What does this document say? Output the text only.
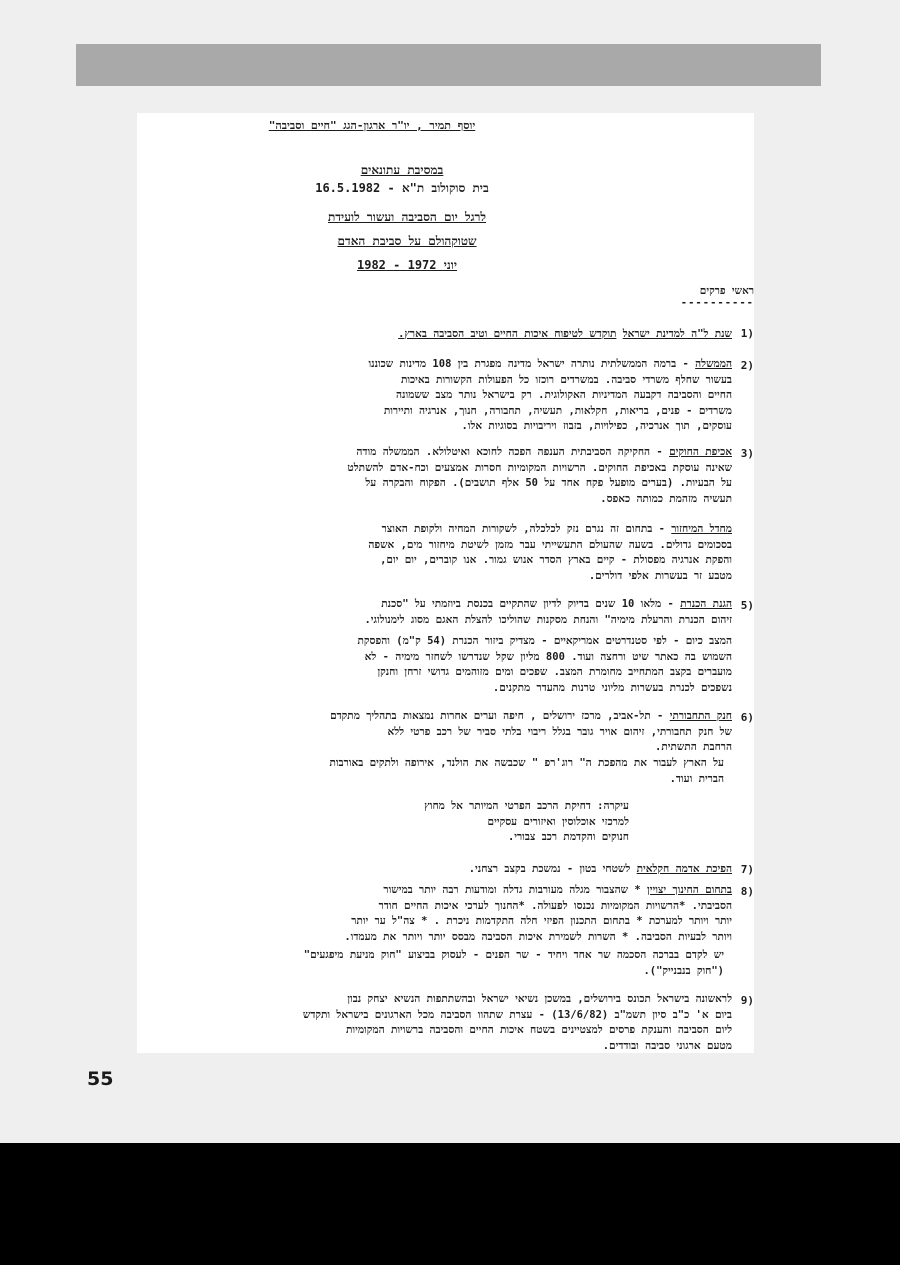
יוסף תמיר , יו"ר ארגון-הגג "חיים וסביבה"
במסיבת עתונאים
בית סוקולוב ת"א - 16.5.1982
לרגל יום הסביבה ועשור לועידת
שטוקהולם על סביבת האדם
יוני 1972 - 1982
ראשי פרקים
----------
1)
שנת ל"ה למדינת ישראל תוקדש לטיפוח איכות החיים וטיב הסביבה בארץ.
2)
הממשלה - ברמה הממשלתית נותרה ישראל מדינה מפגרת בין 108 מדינות שכוננו
בעשור שחלף משרדי סביבה. במשרדים רוכזו כל הפעולות הקשורות באיכות
החיים והסביבה דקבעה המדיניות האקולוגית. רק בישראל נותר מצב ששמונה
משרדים - פנים, בריאות, חקלאות, תעשיה, תחבורה, חנוך, אנרגיה ותיירות
עוסקים, תוך אנרכיה, כפילויות, בזבוז ויריבויות בסוגיות אלו.
3)
אכיפת החוקים - החקיקה הסביבתית הענפה הפכה לחוכא ואיטלולא. הממשלה מודה
שאינה עוסקת באכיפת החוקים. הרשויות המקומיות חסרות אמצעים וכח-אדם להשתלט
על הבעיות. (בערים מופעל פקח אחד על 50 אלף תושבים). הפקוח והבקרה על
תעשיה מזהמת כמותה כאפס.
מחדל המיחזור - בתחום זה נגרם נזק לכלכלה, לשקורות המחיה ולקופת האוצר
בסכומים גדולים. בשעה שהעולם התעשייתי עבר מזמן לשיטת מיחזור מים, אשפה
והפקת אנרגיה מפסולת - קיים בארץ הסדר אנוש גמור. אנו קוברים, יום יום,
מטבע זר בעשרות אלפי דולרים.
5)
הגנת הכנרת - מלאו 10 שנים בדיוק לדיון שהתקיים בכנסת ביוזמתי על "סכנת
זיהום הכנרת והרעלת מימיה" והנחת מסקנות שהוליכו להצלת האגם מסוג לימנולוגי.
המצב כיום - לפי סטנדרטים אמריקאיים - מצדיק ביזור הכנרת (54 ק"מ) והפסקת
השמוש בה כאתר שיט ורחצה ועוד. 800 מליון שקל שנדרשו לשחזר מימיה - לא
מועברים בקצב המתחייב מחומרת המצב. שפכים ומים מזוהמים גדושי זרחן וחנקן
נשפכים לכנרת בעשרות מליוני טרנות מהעדר מתקנים.
6)
חנק התחבורתי - תל-אביב, מרכז ירושלים , חיפה וערים אחרות נמצאות בתהליך מתקדם
של חנק תחבורתי, זיהום אויר גובר בגלל ריבוי בלתי סביר של רכב פרטי ללא
הרחבת התשתית.
על הארץ לעבור את מהפכת ה" רוג'רפ " שכבשה את הולנד, אירופה ולתקים באורבות
הברית ועוד.
עיקרה: דחיקת הרכב הפרטי המיותר אל מחוץ
למרכזי אוכלוסין ואיזורים עסקיים
חנוקים והקדמת רכב צבורי.
7)
הפיכת אדמה חקלאית לשטחי בטון - נמשכת בקצב רצחני.
8)
בתחום החינוך יצויין * שהצבור מגלה מעורבות גדלה ומודעות רבה יותר במישור
הסביבתי. *הרשויות המקומיות נכנסו לפעולה. *החנוך לערכי איכות החיים חודר
יותר ויותר למערכת * בתחום התכנון הפיזי חלה התקדמות ניכרת . * צה"ל ער יותר
ויותר לבעיות הסביבה. * השרות לשמירת איכות הסביבה מבסס יותר ויותר את מעמדו.
יש לקדם בברכה הסכמה שר אחד ויחיד - שר הפנים - לעסוק בביצוע "חוק מניעת מיפגעים"
("חוק בנבנייק").
9)
לראשונה בישראל תכונס בירושלים, במשכן נשיאי ישראל ובהשתתפות הנשיא יצחק נבון
ביום א' כ"ב סיון תשמ"ב (13/6/82) - עצרת שתהוו הסביבה מכל הארגונים בישראל ותקדש
ליום הסביבה והענקת פרסים למצטיינים בשטח איכות החיים והסביבה ברשויות המקומיות
מטעם ארגוני סביבה ובודדים.
55
